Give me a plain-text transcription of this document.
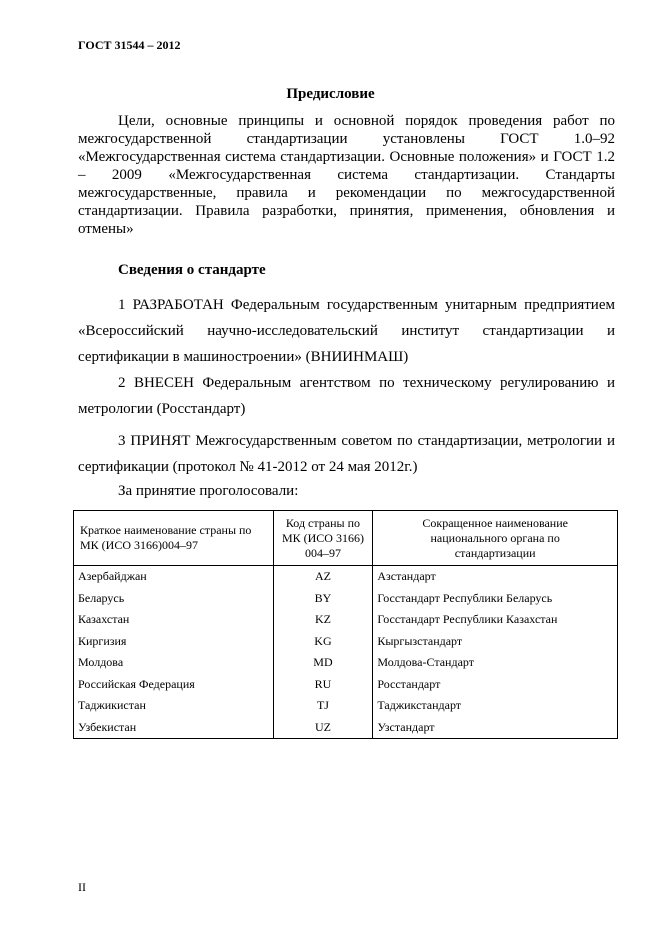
ГОСТ 31544 – 2012
Предисловие

Цели, основные принципы и основной порядок проведения работ по межгосударственной стандартизации установлены ГОСТ 1.0–92 «Межгосударственная система стандартизации. Основные положения» и ГОСТ 1.2 – 2009 «Межгосударственная система стандартизации. Стандарты межгосударственные, правила и рекомендации по межгосударственной стандартизации. Правила разработки, принятия, применения, обновления и отмены»

Сведения о стандарте

1 РАЗРАБОТАН Федеральным государственным унитарным предприятием «Всероссийский научно-исследовательский институт стандартизации и сертификации в машиностроении» (ВНИИНМАШ)

2 ВНЕСЕН Федеральным агентством по техническому регулированию и метрологии (Росстандарт)

3 ПРИНЯТ Межгосударственным советом по стандартизации, метрологии и сертификации (протокол № 41-2012 от 24 мая 2012г.)

За принятие проголосовали:
Краткое наименование страны по МК (ИСО 3166)004–97	Код страны по МК (ИСО 3166) 004–97	Сокращенное наименование национального органа по стандартизации
Азербайджан	AZ	Азстандарт
Беларусь	BY	Госстандарт Республики Беларусь
Казахстан	KZ	Госстандарт Республики Казахстан
Киргизия	KG	Кыргызстандарт
Молдова	MD	Молдова-Стандарт
Российская Федерация	RU	Росстандарт
Таджикистан	TJ	Таджикстандарт
Узбекистан	UZ	Узстандарт
II
